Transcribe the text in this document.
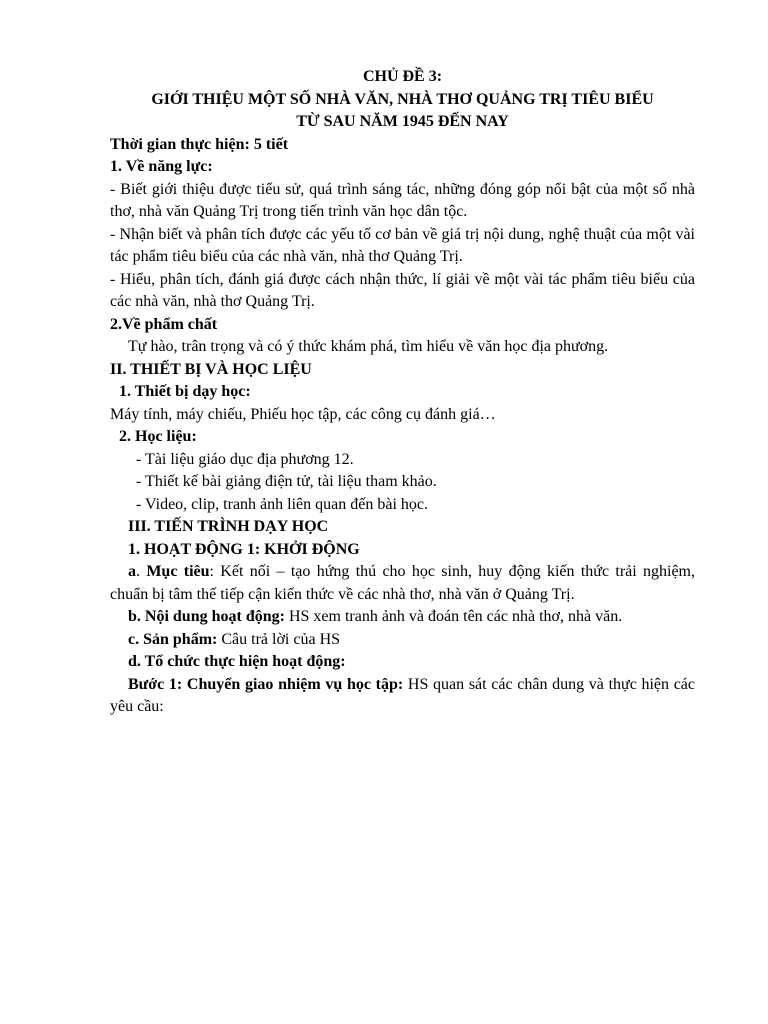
CHỦ ĐỀ 3:

GIỚI THIỆU MỘT SỐ NHÀ VĂN, NHÀ THƠ QUẢNG TRỊ TIÊU BIỂU

TỪ SAU NĂM 1945 ĐẾN NAY

Thời gian thực hiện: 5 tiết

1. Về năng lực:

- Biết giới thiệu được tiểu sử, quá trình sáng tác, những đóng góp nổi bật của một số nhà thơ, nhà văn Quảng Trị trong tiến trình văn học dân tộc.

- Nhận biết và phân tích được các yếu tố cơ bản về giá trị nội dung, nghệ thuật của một vài tác phẩm tiêu biểu của các nhà văn, nhà thơ Quảng Trị.

- Hiểu, phân tích, đánh giá được cách nhận thức, lí giải về một vài tác phẩm tiêu biểu của các nhà văn, nhà thơ Quảng Trị.

2.Về phẩm chất

Tự hào, trân trọng và có ý thức khám phá, tìm hiểu về văn học địa phương.

II. THIẾT BỊ VÀ HỌC LIỆU

1. Thiết bị dạy học:

Máy tính, máy chiếu, Phiếu học tập, các công cụ đánh giá…

2. Học liệu:

- Tài liệu giáo dục địa phương 12.

- Thiết kế bài giảng điện tử, tài liệu tham khảo.

- Video, clip, tranh ảnh liên quan đến bài học.

III. TIẾN TRÌNH DẠY HỌC

1. HOẠT ĐỘNG 1: KHỞI ĐỘNG

a. Mục tiêu: Kết nối – tạo hứng thú cho học sinh, huy động kiến thức trải nghiệm, chuẩn bị tâm thế tiếp cận kiến thức về các nhà thơ, nhà văn ở Quảng Trị.

b. Nội dung hoạt động: HS xem tranh ảnh và đoán tên các nhà thơ, nhà văn.

c. Sản phẩm: Câu trả lời của HS

d. Tổ chức thực hiện hoạt động:

Bước 1: Chuyển giao nhiệm vụ học tập: HS quan sát các chân dung và thực hiện các yêu cầu:
